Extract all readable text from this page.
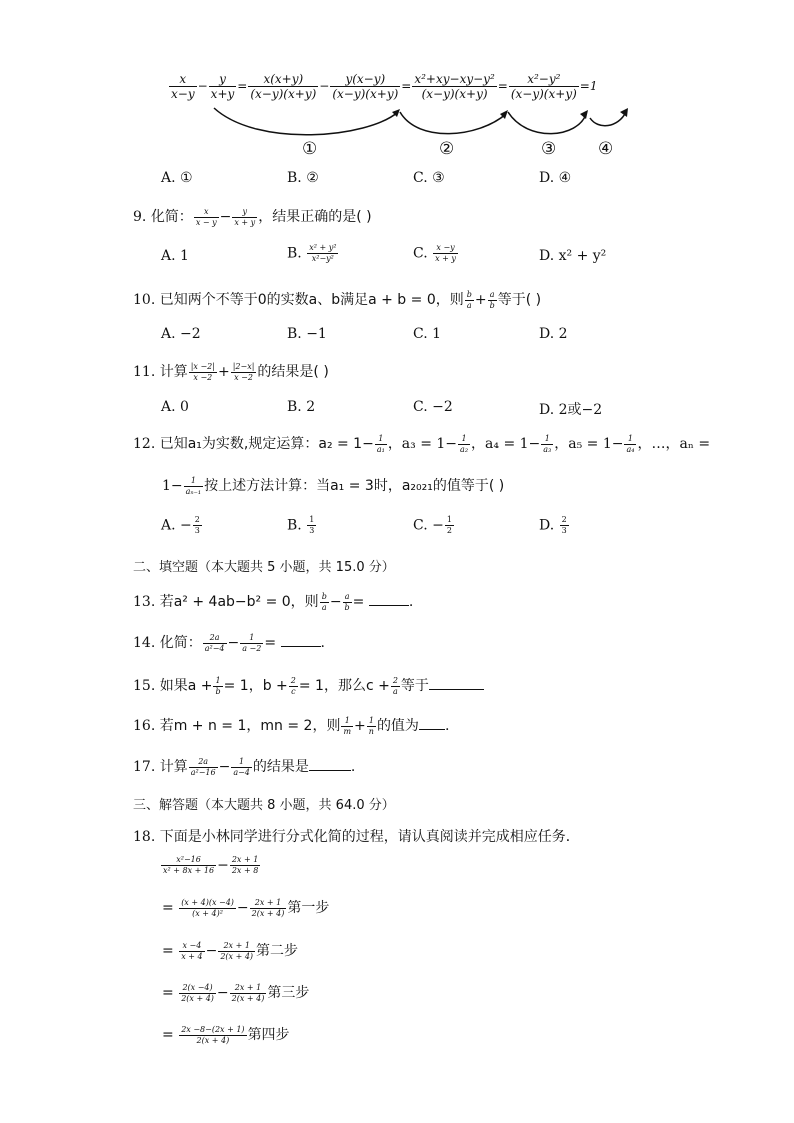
$\frac{x}{x-y} - \frac{y}{x+y} = \frac{x(x+y)}{(x-y)(x+y)} - \frac{y(x-y)}{(x-y)(x+y)} = \frac{\text{x²+xy−xy−y²}}{(x-y)(x+y)} = \frac{\text{x²−y²}}{(x-y)(x+y)} =1$
①	②	③ ④
A. ①	B. ②	C. ③	D. ④
9. 化简： $\frac{x}{x - y} - \frac{y}{x + y}$ ，结果正确的是( )
A. 1	B. $\frac{\text{x² + y²}}{\text{x²−y²}}$	C. $\frac{x -y}{x + y}$	D. x² + y²
10. 已知两个不等于0的实数a、b满足a + b = 0，则 $\frac{b}{a} + \frac{a}{b}$ 等于( )
A. −2	B. −1	C. 1	D. 2
11. 计算 $\frac{|x -2|}{x -2} + \frac{|2-x|}{x -2}$ 的结果是( )
A. 0	B. 2	C. −2	D. 2或−2
12. 已知a₁为实数,规定运算：$a_2 = 1- \frac{1}{\text{a₁}}$ ，$a_3 = 1- \frac{1}{\text{a₂}}$ ，$a_4 = 1- \frac{1}{\text{a₃}}$ ，$a_5 = 1- \frac{1}{\text{a₄}}$ ，…，aₙ =
$1- \frac{1}{\text{aₙ₋₁}}$ 按上述方法计算：当a₁ = 3时，a₂₀₂₁的值等于( )
A. − $\frac{2}{3}$	B. $\frac{1}{3}$	C. − $\frac{1}{2}$	D. $\frac{2}{3}$
二、填空题（本大题共 5 小题，共 15.0 分）
13. 若a² + 4ab−b² = 0，则 $\frac{b}{a} - \frac{a}{b}$ =	.
14. 化简： $\frac{2a}{\text{a²−4}} - \frac{1}{a -2}$ =	.
15. 如果$a + \frac{1}{b} = 1$，$b + \frac{2}{c} = 1$，那么$c + \frac{2}{a}$ 等于
16. 若m + n = 1，mn = 2，则 $\frac{1}{m} + \frac{1}{n}$ 的值为 .
17. 计算 $\frac{2a}{\text{a²−16}} - \frac{1}{a-4}$ 的结果是	.
三、解答题（本大题共 8 小题，共 64.0 分）
18. 下面是小林同学进行分式化简的过程，请认真阅读并完成相应任务．
$\frac{\text{x²−16}}{\text{x² + 8x + 16}} - \frac{2x + 1}{2x + 8}$
= $\frac{(x + 4)(x -4)}{\text{(x + 4)²}} - \frac{2x + 1}{2(x + 4)}$ 第一步
= $\frac{x -4}{x + 4} - \frac{2x + 1}{2(x + 4)}$ 第二步
= $\frac{2(x -4)}{2(x + 4)} - \frac{2x + 1}{2(x + 4)}$ 第三步
= $\frac{2x -8-(2x + 1)}{2(x + 4)}$ 第四步
